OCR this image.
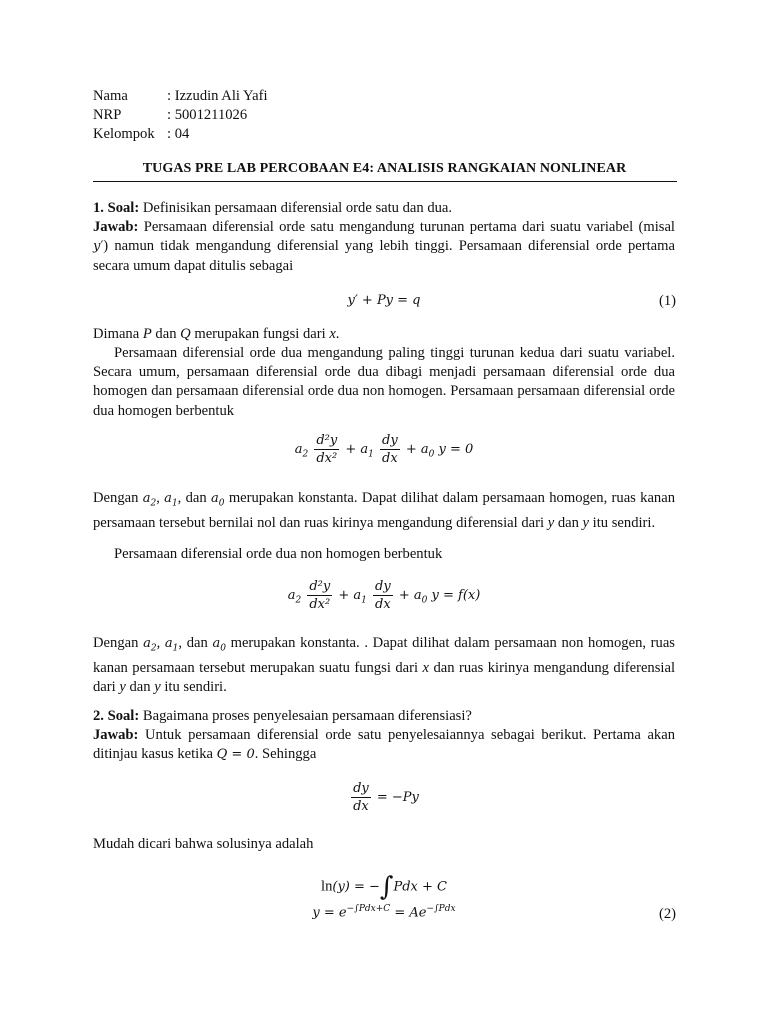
Nama	: Izzudin Ali Yafi
NRP	: 5001211026
Kelompok : 04
TUGAS PRE LAB PERCOBAAN E4: ANALISIS RANGKAIAN NONLINEAR
1. Soal: Definisikan persamaan diferensial orde satu dan dua.
Jawab: Persamaan diferensial orde satu mengandung turunan pertama dari suatu variabel (misal y′) namun tidak mengandung diferensial yang lebih tinggi. Persamaan diferensial orde pertama secara umum dapat ditulis sebagai
y′ + Py = q	(1)
Dimana P dan Q merupakan fungsi dari x.
Persamaan diferensial orde dua mengandung paling tinggi turunan kedua dari suatu variabel. Secara umum, persamaan diferensial orde dua dibagi menjadi persamaan diferensial orde dua homogen dan persamaan diferensial orde dua non homogen. Persamaan persamaan diferensial orde dua homogen berbentuk
$a_2 \frac{\text{d²y}}{\text{dx²}} + a_1 \frac{dy}{dx} + a_0$ y = 0
Dengan $a_2$, $a_1$, dan $a_0$ merupakan konstanta. Dapat dilihat dalam persamaan homogen, ruas kanan persamaan tersebut bernilai nol dan ruas kirinya mengandung diferensial dari y dan y itu sendiri.
Persamaan diferensial orde dua non homogen berbentuk
$a_2 \frac{\text{d²y}}{\text{dx²}} + a_1 \frac{dy}{dx} + a_0$ y = f(x)
Dengan $a_2$, $a_1$, dan $a_0$ merupakan konstanta. . Dapat dilihat dalam persamaan non homogen, ruas kanan persamaan tersebut merupakan suatu fungsi dari x dan ruas kirinya mengandung diferensial dari y dan y itu sendiri.
2. Soal: Bagaimana proses penyelesaian persamaan diferensiasi?
Jawab: Untuk persamaan diferensial orde satu penyelesaiannya sebagai berikut. Pertama akan ditinjau kasus ketika Q = 0. Sehingga
$\frac{dy}{dx} = -Py$
Mudah dicari bahwa solusinya adalah
ln(y) = −∫Pdx + C
$y = e^{-\int Pdx+C} = Ae^{-\int Pdx}$	(2)
